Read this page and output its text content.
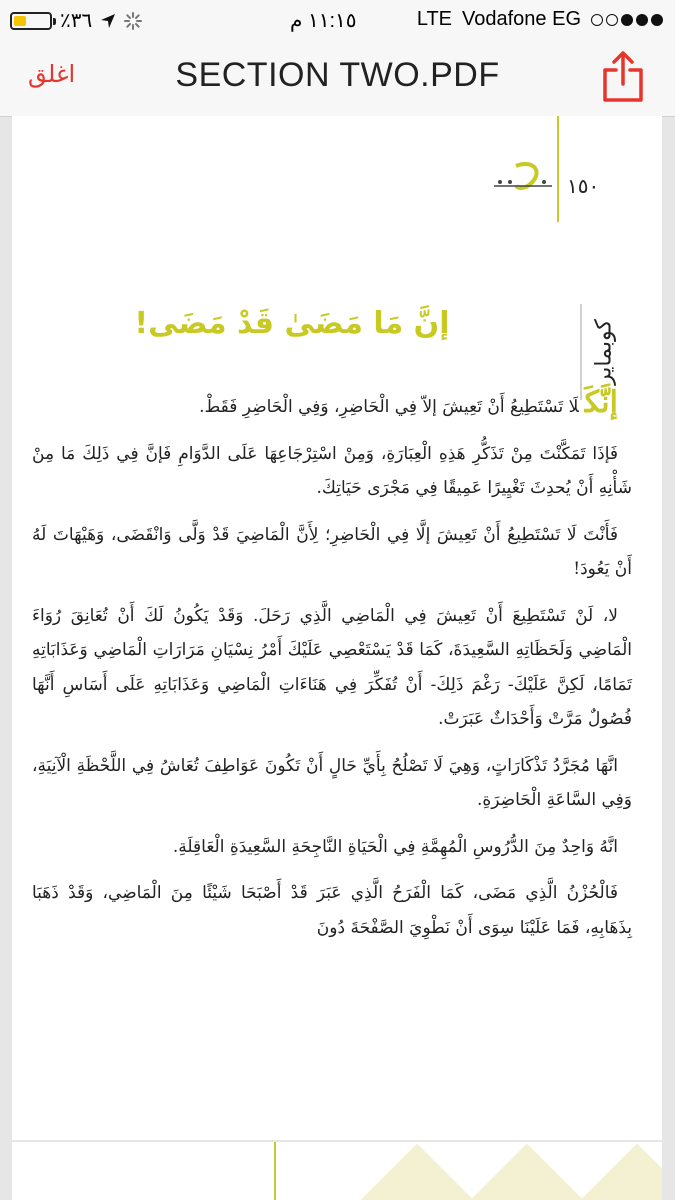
٪٣٦	١١:١٥ م	LTE Vodafone EG
اغلق	SECTION TWO.PDF
١٥٠
كوبماير
إنَّ مَا مَضَىٰ قَدْ مَضَى!

إنَّكَلَا تَسْتَطِيعُ أَنْ تَعِيشَ إلاّ فِي الْحَاضِرِ، وَفِي الْحَاضِرِ فَقَطْ.

فَإذَا تَمَكَّنْتَ مِنْ تَذَكُّرِ هَذِهِ الْعِبَارَةِ، وَمِنْ اسْتِرْجَاعِهَا عَلَى الدَّوَامِ فَإنَّ فِي ذَلِكَ مَا مِنْ شَأْنِهِ أَنْ يُحدِثَ تَغْيِيرًا عَمِيقًا فِي مَجْرَى حَيَاتِكَ.

فَأَنْتَ لَا تَسْتَطِيعُ أَنْ تَعِيشَ إلَّا فِي الْحَاضِرِ؛ لِأَنَّ الْمَاضِيَ قَدْ وَلَّى وَانْقَضَى، وَهَيْهَاتَ لَهُ أَنْ يَعُودَ!

لا، لَنْ تَسْتَطِيعَ أَنْ تَعِيشَ فِي الْمَاضِي الَّذِي رَحَلَ. وَقَدْ يَكُونُ لَكَ أَنْ تُعَانِقَ رُوَاءَ الْمَاضِي وَلَحَظَاتِهِ السَّعِيدَةَ، كَمَا قَدْ يَسْتَعْصِي عَلَيْكَ أَمْرُ نِسْيَانِ مَرَارَاتِ الْمَاضِي وَعَذَابَاتِهِ تَمَامًا، لَكِنَّ عَلَيْكَ- رَغْمَ ذَلِكَ- أَنْ تُفَكِّرَ فِي هَنَاءَاتِ الْمَاضِي وَعَذَابَاتِهِ عَلَى أَسَاسِ أَنَّهَا فُصُولٌ مَرَّتْ وَأَحْدَاثٌ عَبَرَتْ.

انَّهَا مُجَرَّدُ تَذْكَارَاتٍ، وَهِيَ لَا تَصْلُحُ بِأَيِّ حَالٍ أَنْ تَكُونَ عَوَاطِفَ تُعَاشُ فِي اللَّحْظَةِ الْآنِيَةِ، وَفِي السَّاعَةِ الْحَاضِرَةِ.

انَّهُ وَاحِدٌ مِنَ الدُّرُوسِ الْمُهِمَّةِ فِي الْحَيَاةِ النَّاجِحَةِ السَّعِيدَةِ الْعَاقِلَةِ.

فَالْحُزْنُ الَّذِي مَضَى، كَمَا الْفَرَحُ الَّذِي عَبَرَ قَدْ أَصْبَحَا شَيْئًا مِنَ الْمَاضِي، وَقَدْ ذَهَبَا بِذَهَابِهِ، فَمَا عَلَيْنَا سِوَى أَنْ نَطْوِيَ الصَّفْحَةَ دُونَ
